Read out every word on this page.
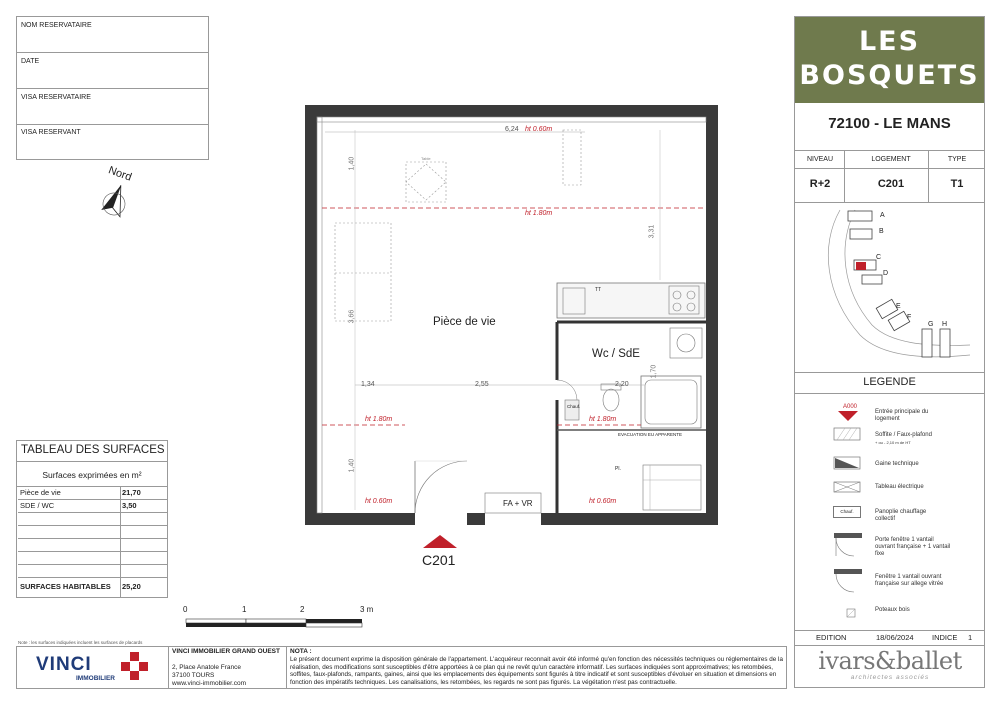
NOM RESERVATAIRE
DATE
VISA RESERVATAIRE
VISA RESERVANT
Nord
Pièce de vie
Wc / SdE
6,24 ht 0.60m
ht 1.80m
ht 1.80m	ht 1.80m
ht 0.60m	ht 0.60m
1,40
3,31
3,66
1,70
1,34	2,55	2,20
1,40
FA + VR
EVACUATION EU APPARENTE
Chauf.
TT
Pl.
Table
C201
LES
BOSQUETS
72100 - LE MANS
NIVEAU	LOGEMENT	TYPE
R+2	C201	T1
A
B
C
D
E
F
G H
LEGENDE
A000
Entrée principale du logement
Soffite / Faux-plafond
+ ou - 2,10 m de HT
Gaine technique
Tableau électrique
Chauf.	Panoplie chauffage collectif
Porte fenêtre 1 vantail ouvrant française + 1 vantail fixe
Fenêtre 1 vantail ouvrant française sur allege vitrée
Poteaux bois
EDITION	18/06/2024 INDICE 1
TABLEAU DES SURFACES
Surfaces exprimées en m²
Pièce de vie	21,70
SDE / WC	3,50
SURFACES HABITABLES 25,20
Note : les surfaces indiquées incluent les surfaces de placards
0	1	2	3 m
VINCI
IMMOBILIER
VINCI IMMOBILIER GRAND OUEST
2, Place Anatole France
37100 TOURS
www.vinci-immobilier.com
NOTA :
Le présent document exprime la disposition générale de l'appartement. L'acquéreur reconnait avoir été informé qu'en fonction des nécessités techniques ou réglementaires de la réalisation, des modifications sont susceptibles d'être apportées à ce plan qui ne revêt qu'un caractère informatif. Les surfaces indiquées sont approximatives; les retombées, soffites, faux-plafonds, rampants, gaines, ainsi que les emplacements des équipements sont figurés à titre indicatif et sont susceptibles d'évoluer en situation et dimensions en fonction des impératifs techniques. Les canalisations, les retombées, les regards ne sont pas figurés. La végétation n'est pas contractuelle.
ivars&ballet
architectes associés
